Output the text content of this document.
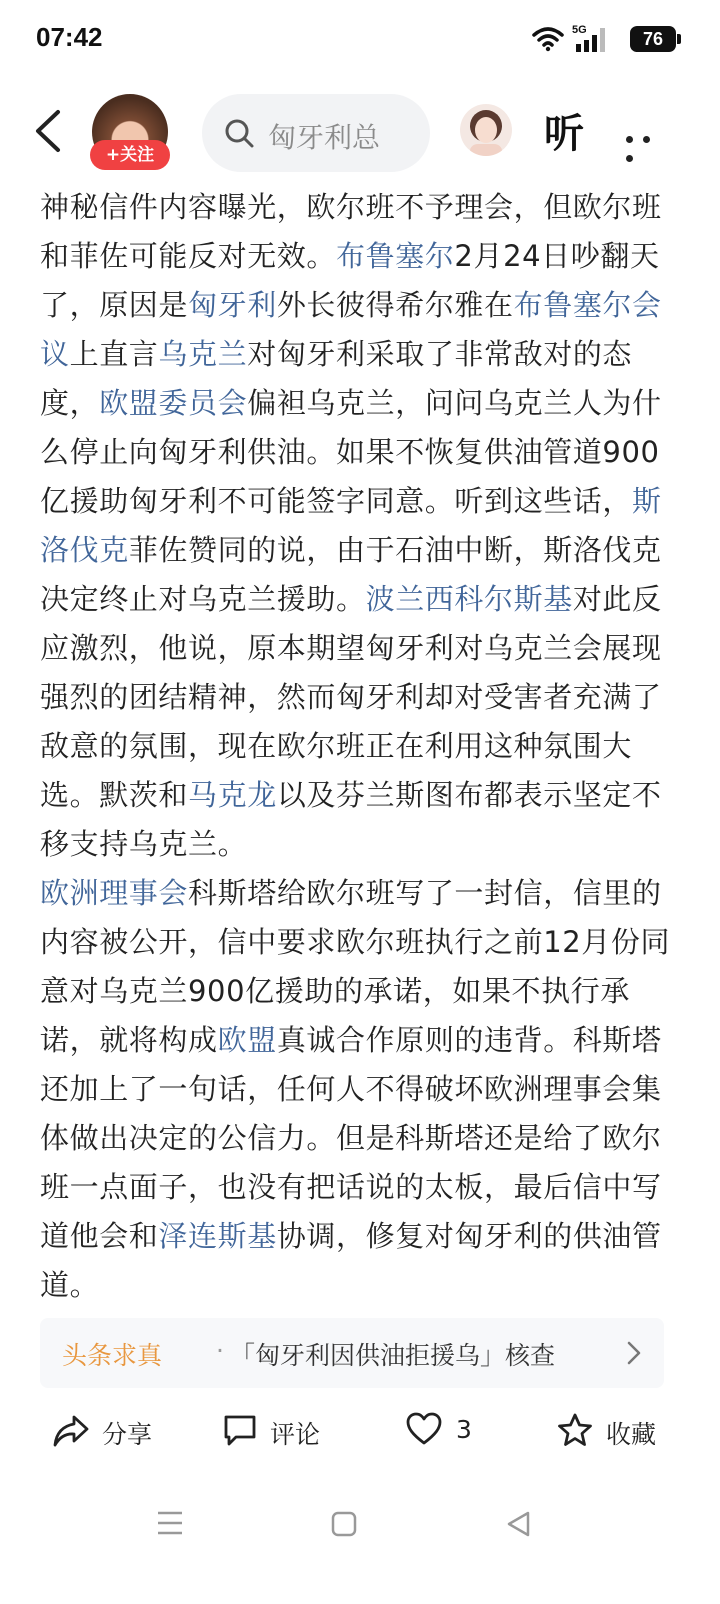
07:42	5G	76
+关注
匈牙利总	听

神秘信件内容曝光，欧尔班不予理会，但欧尔班和菲佐可能反对无效。布鲁塞尔2月24日吵翻天了，原因是匈牙利外长彼得希尔雅在布鲁塞尔会议上直言乌克兰对匈牙利采取了非常敌对的态度，欧盟委员会偏袒乌克兰，问问乌克兰人为什么停止向匈牙利供油。如果不恢复供油管道900亿援助匈牙利不可能签字同意。听到这些话，斯洛伐克菲佐赞同的说，由于石油中断，斯洛伐克决定终止对乌克兰援助。波兰西科尔斯基对此反应激烈，他说，原本期望匈牙利对乌克兰会展现强烈的团结精神，然而匈牙利却对受害者充满了敌意的氛围，现在欧尔班正在利用这种氛围大选。默茨和马克龙以及芬兰斯图布都表示坚定不移支持乌克兰。

欧洲理事会科斯塔给欧尔班写了一封信，信里的内容被公开，信中要求欧尔班执行之前12月份同意对乌克兰900亿援助的承诺，如果不执行承诺，就将构成欧盟真诚合作原则的违背。科斯塔还加上了一句话，任何人不得破坏欧洲理事会集体做出决定的公信力。但是科斯塔还是给了欧尔班一点面子，也没有把话说的太板，最后信中写道他会和泽连斯基协调，修复对匈牙利的供油管道。

头条求真 · 「匈牙利因供油拒援乌」核查
分享	评论	3	收藏
